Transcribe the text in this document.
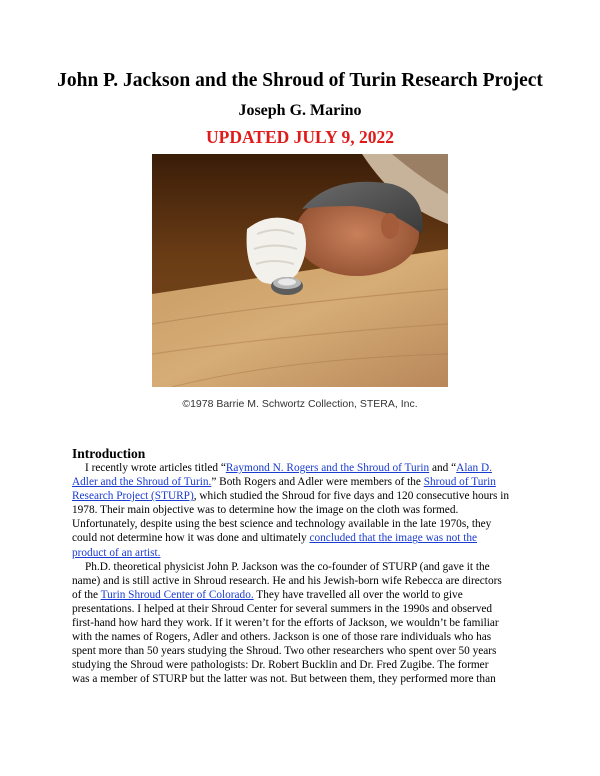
John P. Jackson and the Shroud of Turin Research Project
Joseph G. Marino
UPDATED JULY 9, 2022
©1978 Barrie M. Schwortz Collection, STERA, Inc.
Introduction
I recently wrote articles titled “Raymond N. Rogers and the Shroud of Turin and “Alan D.
Adler and the Shroud of Turin.” Both Rogers and Adler were members of the Shroud of Turin
Research Project (STURP), which studied the Shroud for five days and 120 consecutive hours in
1978. Their main objective was to determine how the image on the cloth was formed.
Unfortunately, despite using the best science and technology available in the late 1970s, they
could not determine how it was done and ultimately concluded that the image was not the
product of an artist.
Ph.D. theoretical physicist John P. Jackson was the co-founder of STURP (and gave it the
name) and is still active in Shroud research. He and his Jewish-born wife Rebecca are directors
of the Turin Shroud Center of Colorado. They have travelled all over the world to give
presentations. I helped at their Shroud Center for several summers in the 1990s and observed
first-hand how hard they work. If it weren’t for the efforts of Jackson, we wouldn’t be familiar
with the names of Rogers, Adler and others. Jackson is one of those rare individuals who has
spent more than 50 years studying the Shroud. Two other researchers who spent over 50 years
studying the Shroud were pathologists: Dr. Robert Bucklin and Dr. Fred Zugibe. The former
was a member of STURP but the latter was not. But between them, they performed more than
